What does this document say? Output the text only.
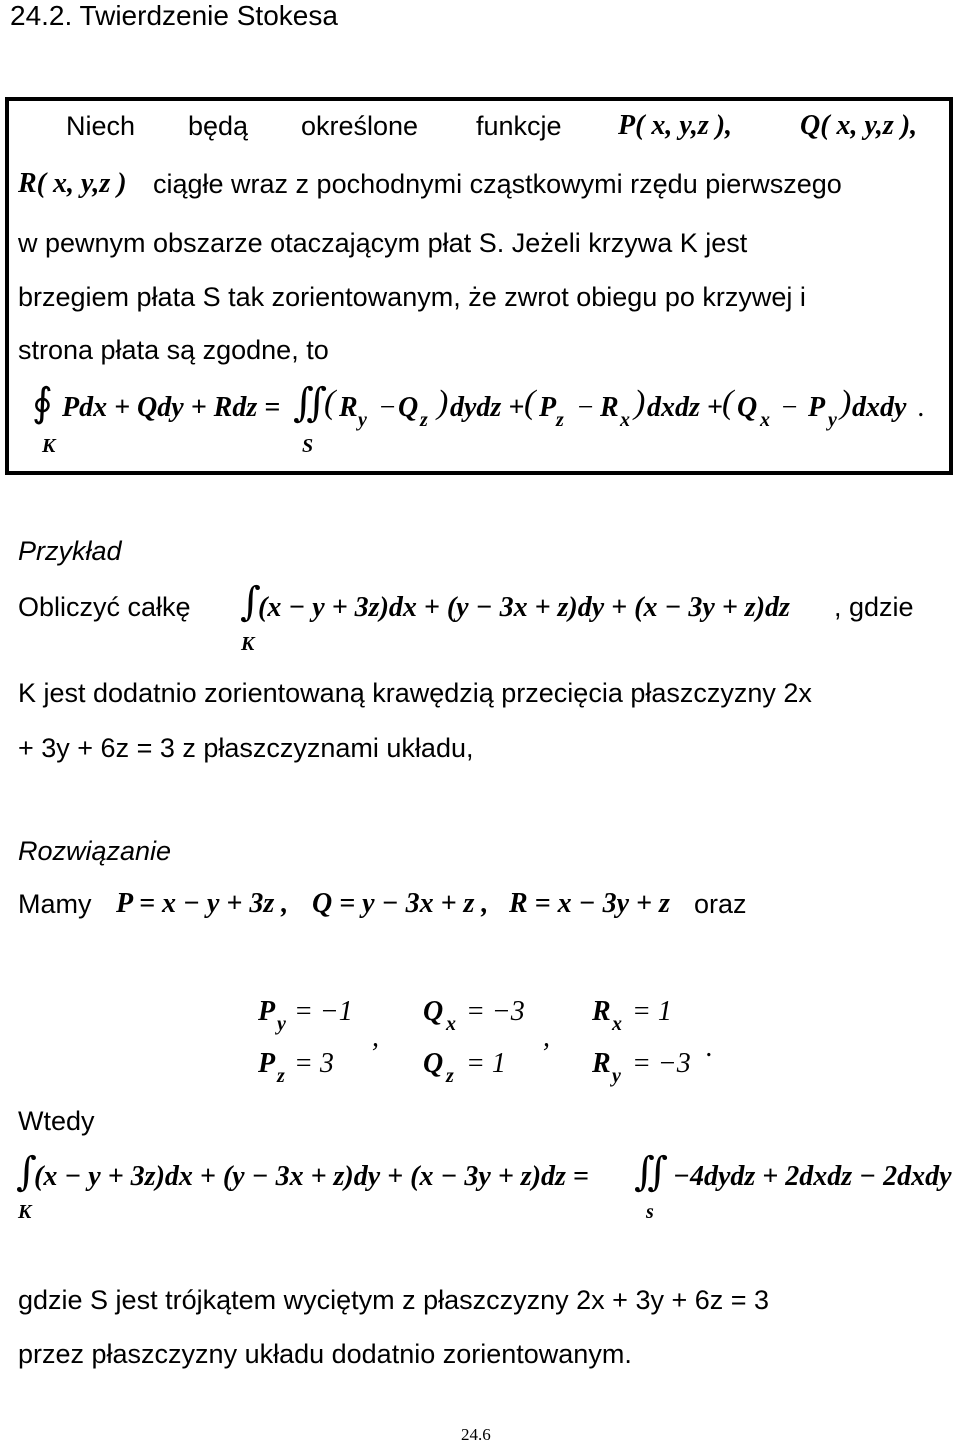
24.2. Twierdzenie Stokesa
Niech będą określone funkcje P( x, y,z ), Q( x, y,z ),
R( x, y,z ) ciągłe wraz z pochodnymi cząstkowymi rzędu pierwszego
w pewnym obszarze otaczającym płat S. Jeżeli krzywa K jest
brzegiem płata S tak zorientowanym, że zwrot obiegu po krzywej i
strona płata są zgodne, to
∮ Pdx + Qdy + Rdz =
K
∬
S
( R y − Q z ) dydz + ( P z − R x ) dxdz + ( Q x − P y ) dxdy .
Przykład
Obliczyć całkę ∫
K
(x − y + 3z)dx + (y − 3x + z)dy + (x − 3y + z)dz , gdzie
K jest dodatnio zorientowaną krawędzią przecięcia płaszczyzny 2x
+ 3y + 6z = 3 z płaszczyznami układu,
Rozwiązanie
Mamy P = x − y + 3z , Q = y − 3x + z , R = x − 3y + z oraz
P y = −1
P z = 3
,
Q x = −3
Q z = 1
,
R x = 1
R y = −3
.
Wtedy
∫
K
(x − y + 3z)dx + (y − 3x + z)dy + (x − 3y + z)dz = ∬
s
−4dydz + 2dxdz − 2dxdy
gdzie S jest trójkątem wyciętym z płaszczyzny 2x + 3y + 6z = 3
przez płaszczyzny układu dodatnio zorientowanym.
24.6
